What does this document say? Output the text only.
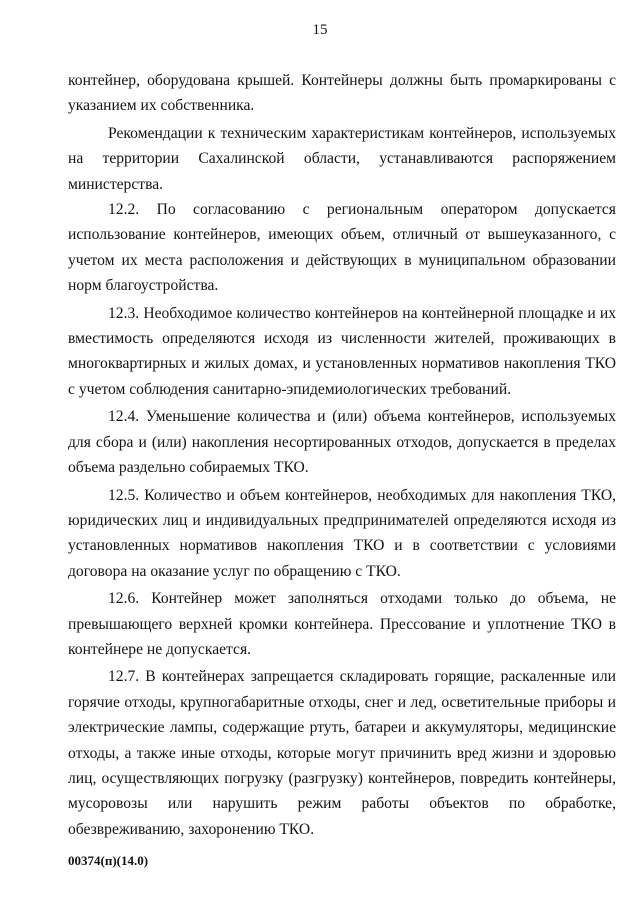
15

контейнер, оборудована крышей. Контейнеры должны быть промаркированы с указанием их собственника.

Рекомендации к техническим характеристикам контейнеров, используемых на территории Сахалинской области, устанавливаются распоряжением министерства.

12.2. По согласованию с региональным оператором допускается использование контейнеров, имеющих объем, отличный от вышеуказанного, с учетом их места расположения и действующих в муниципальном образовании норм благоустройства.

12.3. Необходимое количество контейнеров на контейнерной площадке и их вместимость определяются исходя из численности жителей, проживающих в многоквартирных и жилых домах, и установленных нормативов накопления ТКО с учетом соблюдения санитарно-эпидемиологических требований.

12.4. Уменьшение количества и (или) объема контейнеров, используемых для сбора и (или) накопления несортированных отходов, допускается в пределах объема раздельно собираемых ТКО.

12.5. Количество и объем контейнеров, необходимых для накопления ТКО, юридических лиц и индивидуальных предпринимателей определяются исходя из установленных нормативов накопления ТКО и в соответствии с условиями договора на оказание услуг по обращению с ТКО.

12.6. Контейнер может заполняться отходами только до объема, не превышающего верхней кромки контейнера. Прессование и уплотнение ТКО в контейнере не допускается.

12.7. В контейнерах запрещается складировать горящие, раскаленные или горячие отходы, крупногабаритные отходы, снег и лед, осветительные приборы и электрические лампы, содержащие ртуть, батареи и аккумуляторы, медицинские отходы, а также иные отходы, которые могут причинить вред жизни и здоровью лиц, осуществляющих погрузку (разгрузку) контейнеров, повредить контейнеры, мусоровозы или нарушить режим работы объектов по обработке, обезвреживанию, захоронению ТКО.

00374(п)(14.0)
